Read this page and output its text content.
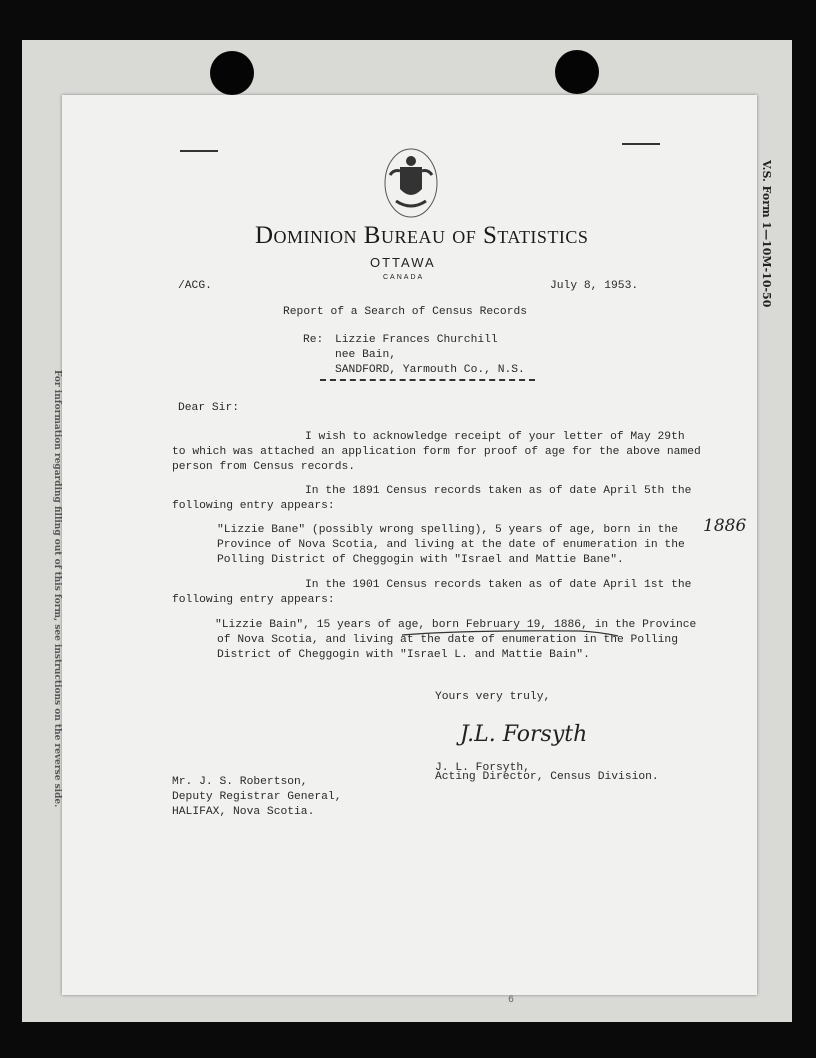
V.S. Form 1—10M-10-50
For information regarding filling out of this form, see instructions on the reverse side.
Dominion Bureau of Statistics
OTTAWA
CANADA
/ACG.	July 8, 1953.
Report of a Search of Census Records
Re: Lizzie Frances Churchill
nee Bain,
SANDFORD, Yarmouth Co., N.S.
Dear Sir:
I wish to acknowledge receipt of your letter of May 29th
to which was attached an application form for proof of age for the above named
person from Census records.
In the 1891 Census records taken as of date April 5th the
following entry appears:
"Lizzie Bane" (possibly wrong spelling), 5 years of age, born in the
Province of Nova Scotia, and living at the date of enumeration in the
Polling District of Cheggogin with "Israel and Mattie Bane".
1886
In the 1901 Census records taken as of date April 1st the
following entry appears:
"Lizzie Bain", 15 years of age, born February 19, 1886, in the Province
of Nova Scotia, and living at the date of enumeration in the Polling
District of Cheggogin with "Israel L. and Mattie Bain".
Yours very truly,
J.L. Forsyth
J. L. Forsyth,
Acting Director, Census Division.
Mr. J. S. Robertson,
Deputy Registrar General,
HALIFAX, Nova Scotia.
6
